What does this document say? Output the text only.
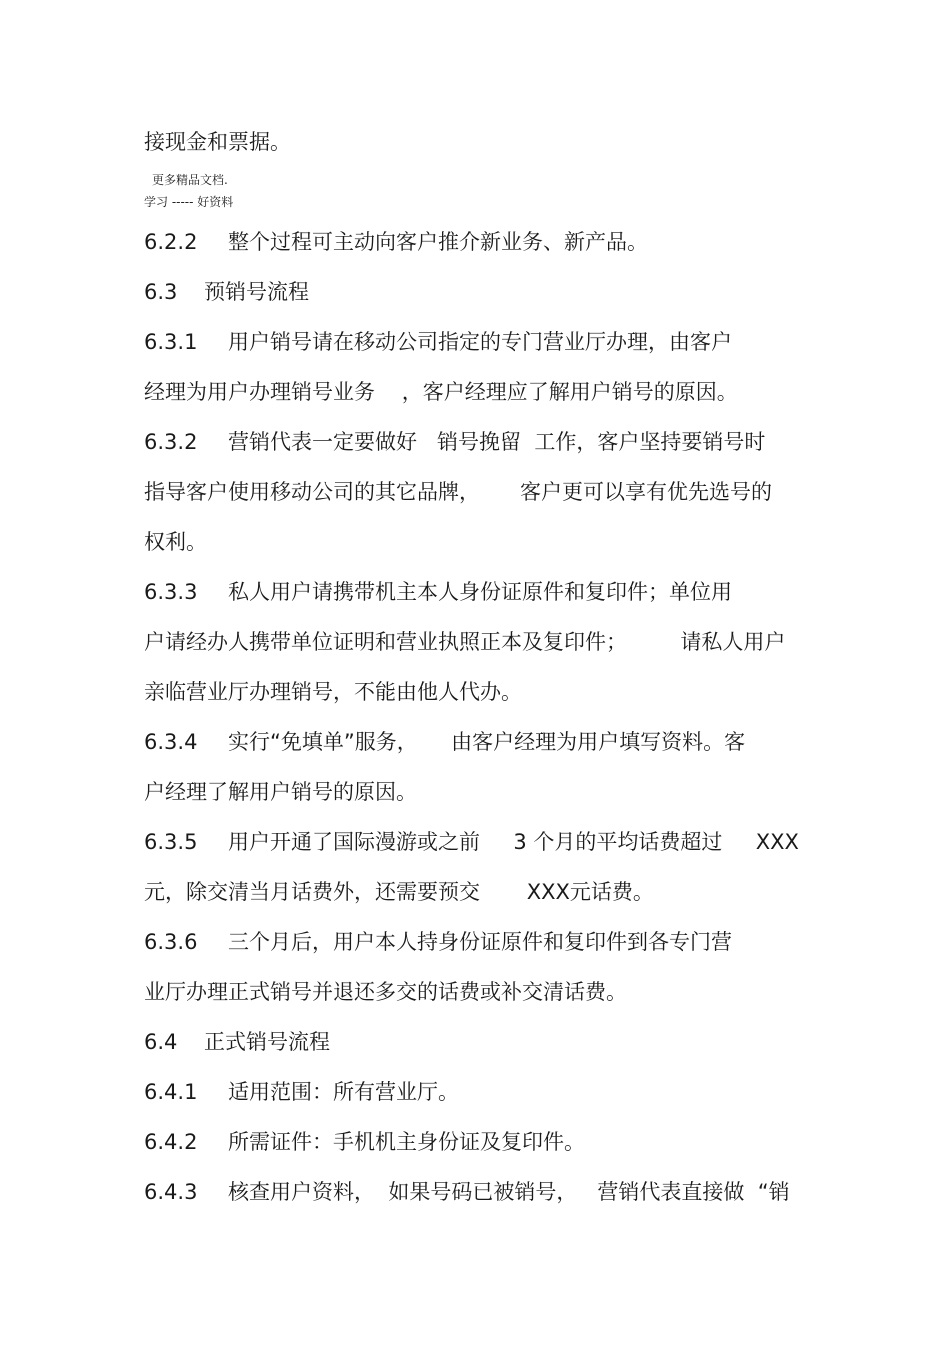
接现金和票据。
更多精品文档.
学习 ----- 好资料
6.2.2 整个过程可主动向客户推介新业务、新产品。
6.3 预销号流程
6.3.1 用户销号请在移动公司指定的专门营业厅办理，由客户
经理为用户办理销号业务    ，客户经理应了解用户销号的原因。
6.3.2 营销代表一定要做好   销号挽留  工作，客户坚持要销号时
指导客户使用移动公司的其它品牌，      客户更可以享有优先选号的
权利。
6.3.3 私人用户请携带机主本人身份证原件和复印件；单位用
户请经办人携带单位证明和营业执照正本及复印件；        请私人用户
亲临营业厅办理销号，不能由他人代办。
6.3.4 实行“免填单”服务，     由客户经理为用户填写资料。客
户经理了解用户销号的原因。
6.3.5 用户开通了国际漫游或之前     3 个月的平均话费超过     XXX
元，除交清当月话费外，还需要预交       XXX元话费。
6.3.6 三个月后，用户本人持身份证原件和复印件到各专门营
业厅办理正式销号并退还多交的话费或补交清话费。
6.4 正式销号流程
6.4.1 适用范围：所有营业厅。
6.4.2 所需证件：手机机主身份证及复印件。
6.4.3 核查用户资料，  如果号码已被销号，   营销代表直接做  “销
